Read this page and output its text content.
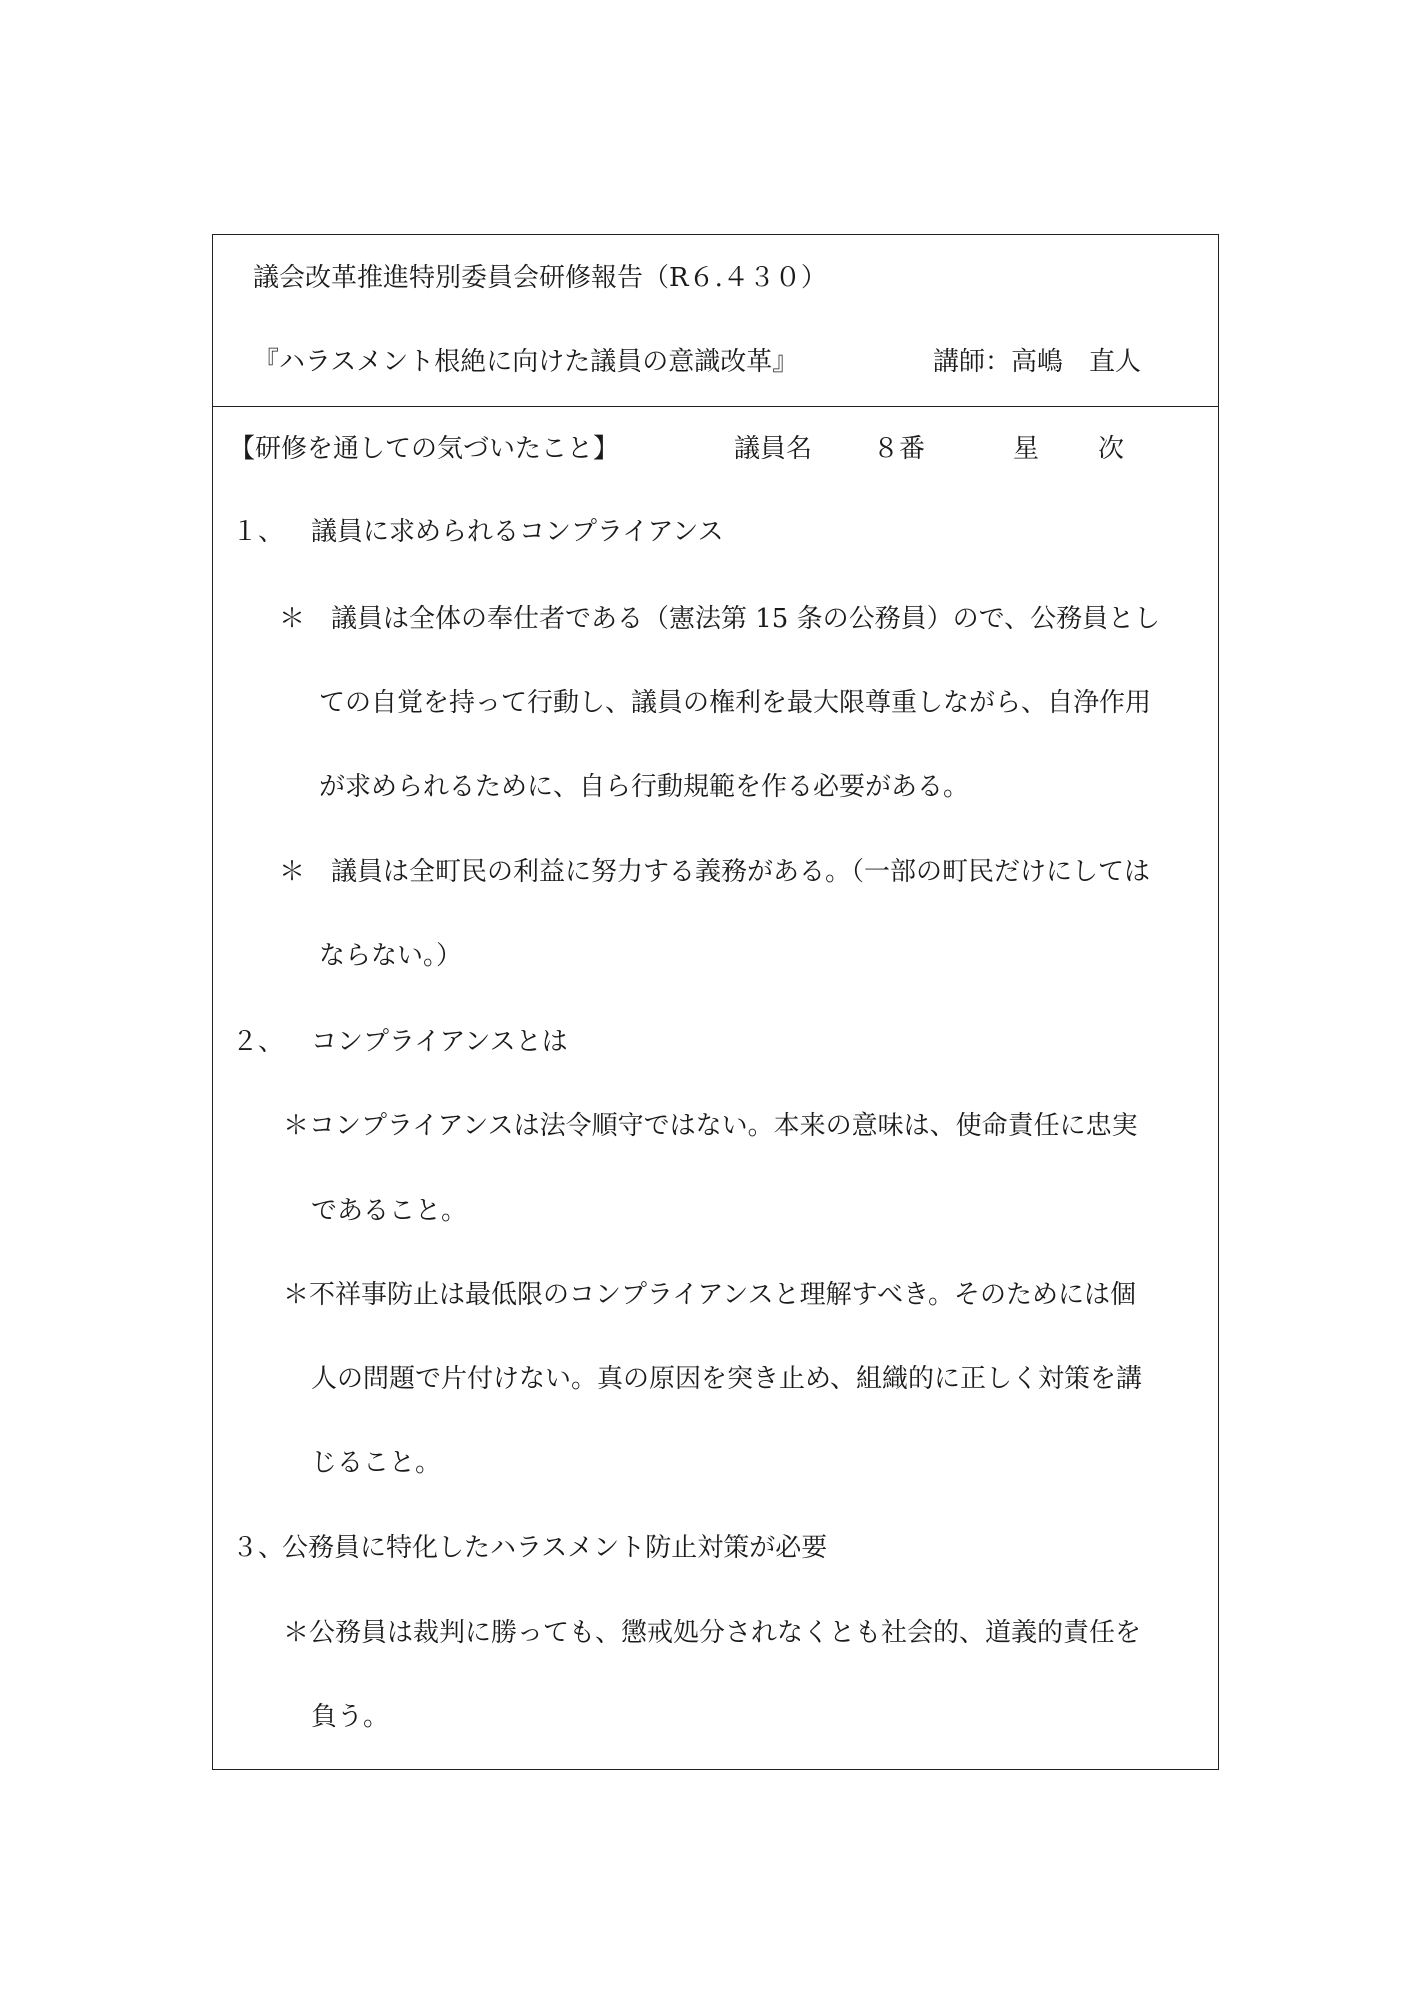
議会改革推進特別委員会研修報告（R６.４３０）
『ハラスメント根絶に向けた議員の意識改革』	講師：高嶋　直人
【研修を通しての気づいたこと】	議員名 ８番	星 次
１、 議員に求められるコンプライアンス
＊　議員は全体の奉仕者である（憲法第 15 条の公務員）ので、公務員とし
ての自覚を持って行動し、議員の権利を最大限尊重しながら、自浄作用
が求められるために、自ら行動規範を作る必要がある。
＊　議員は全町民の利益に努力する義務がある。（一部の町民だけにしては
ならない。）
２、 コンプライアンスとは
＊コンプライアンスは法令順守ではない。本来の意味は、使命責任に忠実
であること。
＊不祥事防止は最低限のコンプライアンスと理解すべき。そのためには個
人の問題で片付けない。真の原因を突き止め、組織的に正しく対策を講
じること。
３、
公務員に特化したハラスメント防止対策が必要
＊公務員は裁判に勝っても、懲戒処分されなくとも社会的、道義的責任を
負う。
